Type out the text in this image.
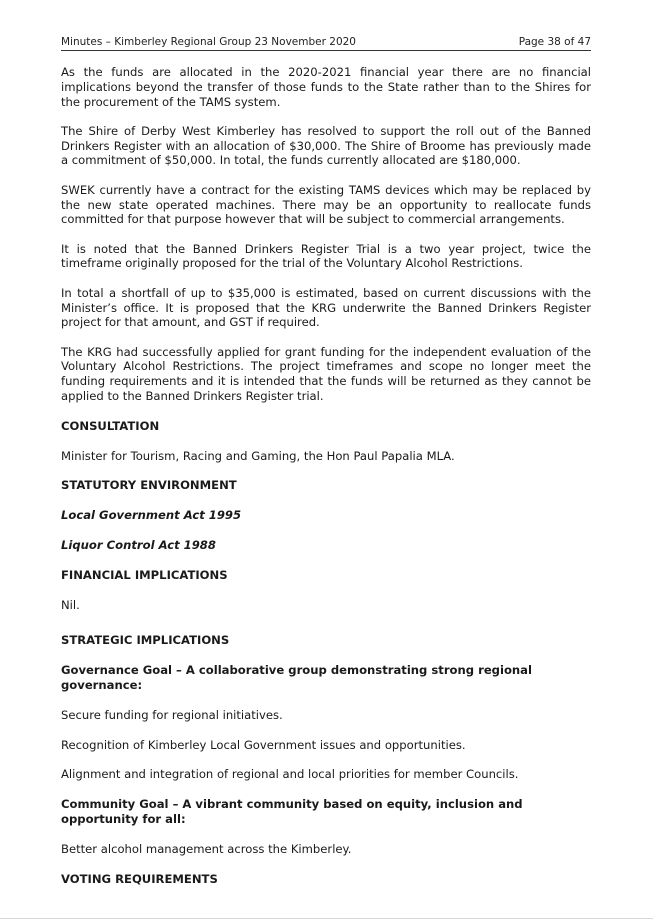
Minutes – Kimberley Regional Group 23 November 2020	Page 38 of 47

As the funds are allocated in the 2020-2021 financial year there are no financial implications beyond the transfer of those funds to the State rather than to the Shires for the procurement of the TAMS system.

The Shire of Derby West Kimberley has resolved to support the roll out of the Banned Drinkers Register with an allocation of $30,000. The Shire of Broome has previously made a commitment of $50,000. In total, the funds currently allocated are $180,000.

SWEK currently have a contract for the existing TAMS devices which may be replaced by the new state operated machines. There may be an opportunity to reallocate funds committed for that purpose however that will be subject to commercial arrangements.

It is noted that the Banned Drinkers Register Trial is a two year project, twice the timeframe originally proposed for the trial of the Voluntary Alcohol Restrictions.

In total a shortfall of up to $35,000 is estimated, based on current discussions with the Minister’s office. It is proposed that the KRG underwrite the Banned Drinkers Register project for that amount, and GST if required.

The KRG had successfully applied for grant funding for the independent evaluation of the Voluntary Alcohol Restrictions. The project timeframes and scope no longer meet the funding requirements and it is intended that the funds will be returned as they cannot be applied to the Banned Drinkers Register trial.

CONSULTATION

Minister for Tourism, Racing and Gaming, the Hon Paul Papalia MLA.

STATUTORY ENVIRONMENT

Local Government Act 1995

Liquor Control Act 1988

FINANCIAL IMPLICATIONS

Nil.

STRATEGIC IMPLICATIONS

Governance Goal – A collaborative group demonstrating strong regional governance:

Secure funding for regional initiatives.

Recognition of Kimberley Local Government issues and opportunities.

Alignment and integration of regional and local priorities for member Councils.

Community Goal – A vibrant community based on equity, inclusion and opportunity for all:

Better alcohol management across the Kimberley.

VOTING REQUIREMENTS
